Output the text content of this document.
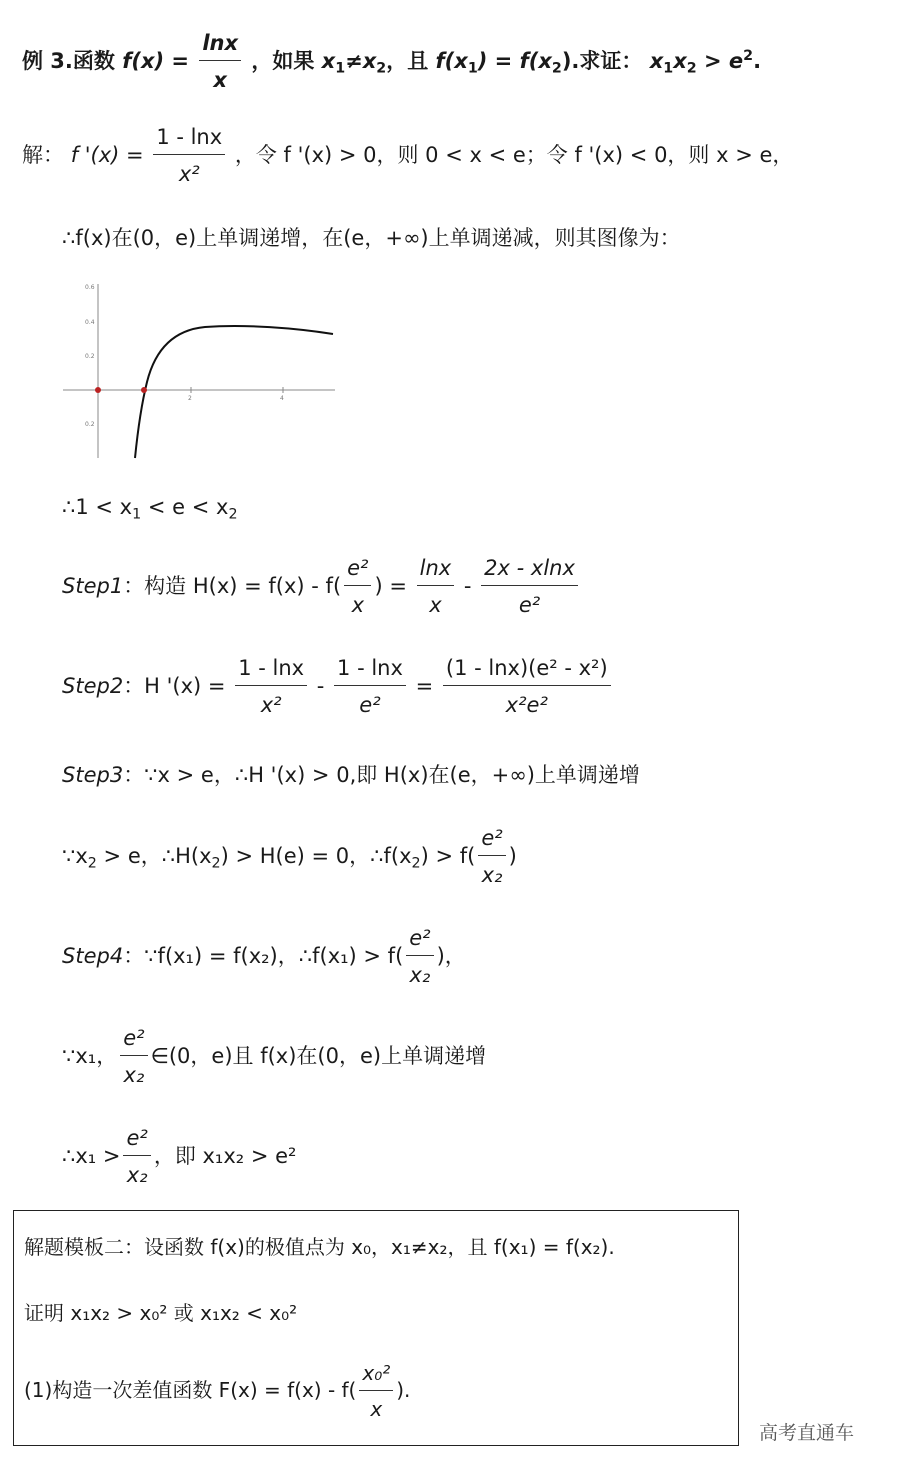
例 3.函数 $f(x) = \frac{\ln x}{x}$ ，如果 $x_1\ne x_2$，且 $f(x_1) = f(x_2)$.求证： $x_1x_2 > e^2$.
解： f '$(x) = \frac{1 - \ln x}{\text{x²}}$ ，令 f '(x) > 0，则 0 < x < e；令 f '(x) < 0，则 x > e，
∴f(x)在(0，e)上单调递增，在(e，+∞)上单调递减，则其图像为：
0.6
0.4
0.2
0.2
2	4
∴1 < $x_1 < e < x_2$
Step1：构造 $H(x) = f(x) - f( \frac{\text{e²}}{x}$ ) = $\frac{\ln x}{x} - \frac{2x - xlnx}{\text{e²}}$
Step2：H '$(x) = \frac{1 - \ln x}{\text{x²}} - \frac{1 - \ln x}{\text{e²}} = \frac{\text{(1 - lnx)(e² - x²)}}{\text{x²e²}}$
Step3：∵x > e，∴H '(x) > 0,即 H(x)在(e，+∞)上单调递增
$\because x_2 > e$，$\therefore H(x_2) > H(e) = 0$，$\therefore f(x_2) > f( \frac{\text{e²}}{\text{x₂}}$ )
Step4：∵f(x₁) = f(x₂)，∴f(x₁) > $f( \frac{\text{e²}}{\text{x₂}}$ )，
∵x₁， $\frac{\text{e²}}{\text{x₂}}$ ∈(0，e)且 f(x)在(0，e)上单调递增
∴x₁ > $\frac{\text{e²}}{\text{x₂}}$ ，即 x₁x₂ > e²
解题模板二：设函数 f(x)的极值点为 x₀，x₁≠x₂，且 f(x₁) = f(x₂).
证明 x₁x₂ > x₀² 或 x₁x₂ < x₀²
(1)构造一次差值函数 $F(x) = f(x) - f( \frac{\text{x₀²}}{x}$ ).
高考直通车
